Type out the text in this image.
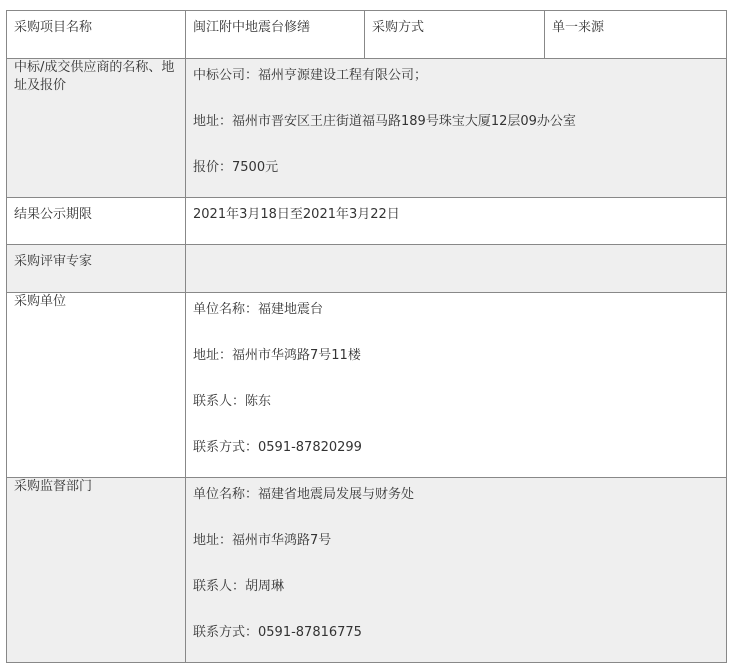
采购项目名称	闽江附中地震台修缮	采购方式	单一来源
中标/成交供应商的名称、地址及报价	中标公司：福州亨源建设工程有限公司；
地址：福州市晋安区王庄街道福马路189号珠宝大厦12层09办公室
报价：7500元		

结果公示期限	2021年3月18日至2021年3月22日		
采购评审专家			
采购单位	单位名称：福建地震台
地址：福州市华鸿路7号11楼
联系人：陈东
联系方式：0591-87820299		

采购监督部门	单位名称：福建省地震局发展与财务处
地址：福州市华鸿路7号
联系人：胡周琳
联系方式：0591-87816775		
